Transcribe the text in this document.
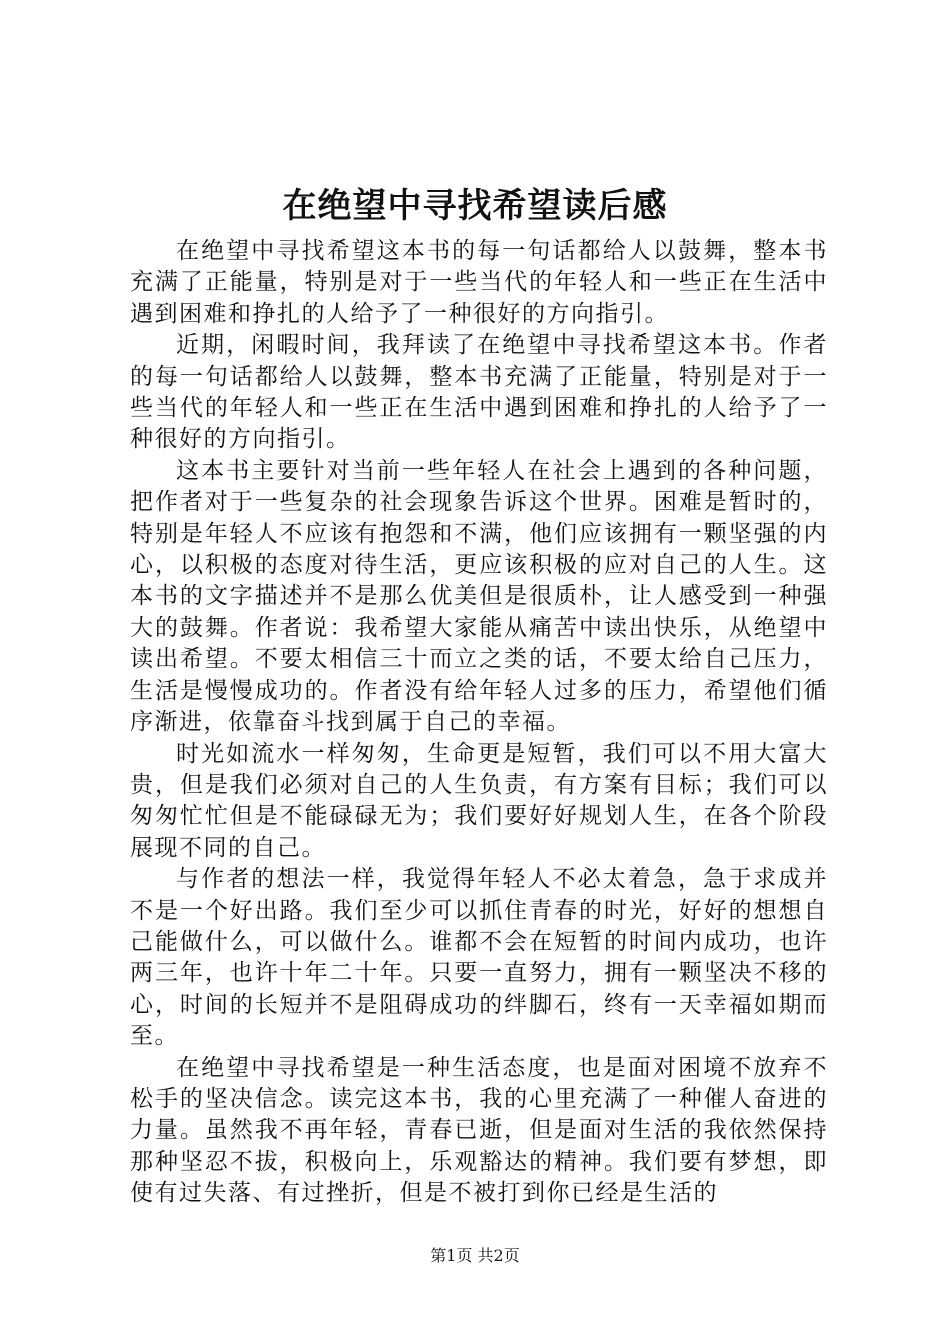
在绝望中寻找希望读后感

在绝望中寻找希望这本书的每一句话都给人以鼓舞，整本书充满了正能量，特别是对于一些当代的年轻人和一些正在生活中遇到困难和挣扎的人给予了一种很好的方向指引。

近期，闲暇时间，我拜读了在绝望中寻找希望这本书。作者的每一句话都给人以鼓舞，整本书充满了正能量，特别是对于一些当代的年轻人和一些正在生活中遇到困难和挣扎的人给予了一种很好的方向指引。

这本书主要针对当前一些年轻人在社会上遇到的各种问题，把作者对于一些复杂的社会现象告诉这个世界。困难是暂时的，特别是年轻人不应该有抱怨和不满，他们应该拥有一颗坚强的内心，以积极的态度对待生活，更应该积极的应对自己的人生。这本书的文字描述并不是那么优美但是很质朴，让人感受到一种强大的鼓舞。作者说：我希望大家能从痛苦中读出快乐，从绝望中读出希望。不要太相信三十而立之类的话，不要太给自己压力，生活是慢慢成功的。作者没有给年轻人过多的压力，希望他们循序渐进，依靠奋斗找到属于自己的幸福。

时光如流水一样匆匆，生命更是短暂，我们可以不用大富大贵，但是我们必须对自己的人生负责，有方案有目标；我们可以匆匆忙忙但是不能碌碌无为；我们要好好规划人生，在各个阶段展现不同的自己。

与作者的想法一样，我觉得年轻人不必太着急，急于求成并不是一个好出路。我们至少可以抓住青春的时光，好好的想想自己能做什么，可以做什么。谁都不会在短暂的时间内成功，也许两三年，也许十年二十年。只要一直努力，拥有一颗坚决不移的心，时间的长短并不是阻碍成功的绊脚石，终有一天幸福如期而至。

在绝望中寻找希望是一种生活态度，也是面对困境不放弃不松手的坚决信念。读完这本书，我的心里充满了一种催人奋进的力量。虽然我不再年轻，青春已逝，但是面对生活的我依然保持那种坚忍不拔，积极向上，乐观豁达的精神。我们要有梦想，即使有过失落、有过挫折，但是不被打到你已经是生活的

第1页 共2页
